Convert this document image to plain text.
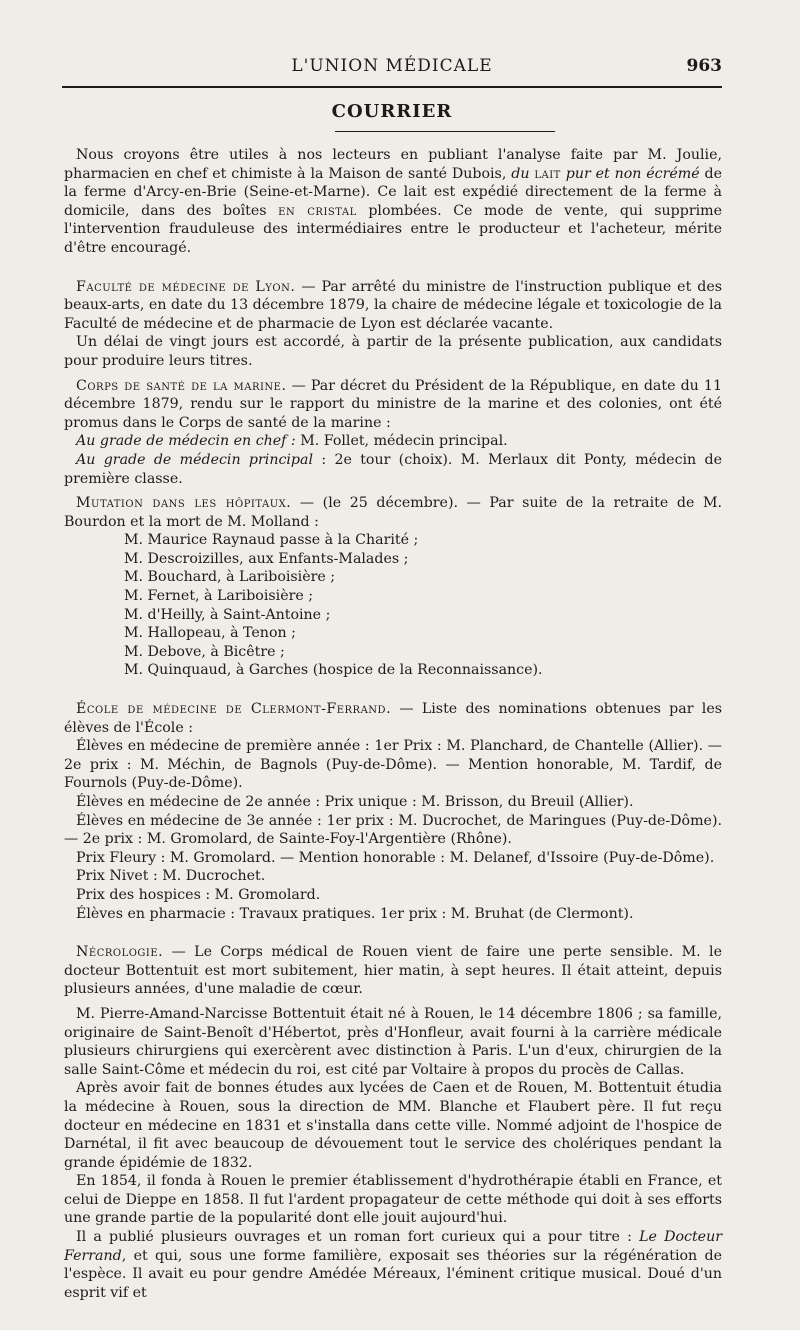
L'UNION MÉDICALE	963
COURRIER

Nous croyons être utiles à nos lecteurs en publiant l'analyse faite par M. Joulie, pharmacien en chef et chimiste à la Maison de santé Dubois, du lait pur et non écrémé de la ferme d'Arcy-en-Brie (Seine-et-Marne). Ce lait est expédié directement de la ferme à domicile, dans des boîtes en cristal plombées. Ce mode de vente, qui supprime l'intervention frauduleuse des intermédiaires entre le producteur et l'acheteur, mérite d'être encouragé.

Faculté de médecine de Lyon. — Par arrêté du ministre de l'instruction publique et des beaux-arts, en date du 13 décembre 1879, la chaire de médecine légale et toxicologie de la Faculté de médecine et de pharmacie de Lyon est déclarée vacante.

Un délai de vingt jours est accordé, à partir de la présente publication, aux candidats pour produire leurs titres.

Corps de santé de la marine. — Par décret du Président de la République, en date du 11 décembre 1879, rendu sur le rapport du ministre de la marine et des colonies, ont été promus dans le Corps de santé de la marine :

Au grade de médecin en chef : M. Follet, médecin principal.

Au grade de médecin principal : 2e tour (choix). M. Merlaux dit Ponty, médecin de première classe.

Mutation dans les hôpitaux. — (le 25 décembre). — Par suite de la retraite de M. Bourdon et la mort de M. Molland :

M. Maurice Raynaud passe à la Charité ;
M. Descroizilles, aux Enfants-Malades ;
M. Bouchard, à Lariboisière ;
M. Fernet, à Lariboisière ;
M. d'Heilly, à Saint-Antoine ;
M. Hallopeau, à Tenon ;
M. Debove, à Bicêtre ;
M. Quinquaud, à Garches (hospice de la Reconnaissance).

École de médecine de Clermont-Ferrand. — Liste des nominations obtenues par les élèves de l'École :

Élèves en médecine de première année : 1er Prix : M. Planchard, de Chantelle (Allier). — 2e prix : M. Méchin, de Bagnols (Puy-de-Dôme). — Mention honorable, M. Tardif, de Fournols (Puy-de-Dôme).

Élèves en médecine de 2e année : Prix unique : M. Brisson, du Breuil (Allier).

Élèves en médecine de 3e année : 1er prix : M. Ducrochet, de Maringues (Puy-de-Dôme). — 2e prix : M. Gromolard, de Sainte-Foy-l'Argentière (Rhône).

Prix Fleury : M. Gromolard. — Mention honorable : M. Delanef, d'Issoire (Puy-de-Dôme).

Prix Nivet : M. Ducrochet.

Prix des hospices : M. Gromolard.

Élèves en pharmacie : Travaux pratiques. 1er prix : M. Bruhat (de Clermont).

Nécrologie. — Le Corps médical de Rouen vient de faire une perte sensible. M. le docteur Bottentuit est mort subitement, hier matin, à sept heures. Il était atteint, depuis plusieurs années, d'une maladie de cœur.

M. Pierre-Amand-Narcisse Bottentuit était né à Rouen, le 14 décembre 1806 ; sa famille, originaire de Saint-Benoît d'Hébertot, près d'Honfleur, avait fourni à la carrière médicale plusieurs chirurgiens qui exercèrent avec distinction à Paris. L'un d'eux, chirurgien de la salle Saint-Côme et médecin du roi, est cité par Voltaire à propos du procès de Callas.

Après avoir fait de bonnes études aux lycées de Caen et de Rouen, M. Bottentuit étudia la médecine à Rouen, sous la direction de MM. Blanche et Flaubert père. Il fut reçu docteur en médecine en 1831 et s'installa dans cette ville. Nommé adjoint de l'hospice de Darnétal, il fit avec beaucoup de dévouement tout le service des cholériques pendant la grande épidémie de 1832.

En 1854, il fonda à Rouen le premier établissement d'hydrothérapie établi en France, et celui de Dieppe en 1858. Il fut l'ardent propagateur de cette méthode qui doit à ses efforts une grande partie de la popularité dont elle jouit aujourd'hui.

Il a publié plusieurs ouvrages et un roman fort curieux qui a pour titre : Le Docteur Ferrand, et qui, sous une forme familière, exposait ses théories sur la régénération de l'espèce. Il avait eu pour gendre Amédée Méreaux, l'éminent critique musical. Doué d'un esprit vif et
